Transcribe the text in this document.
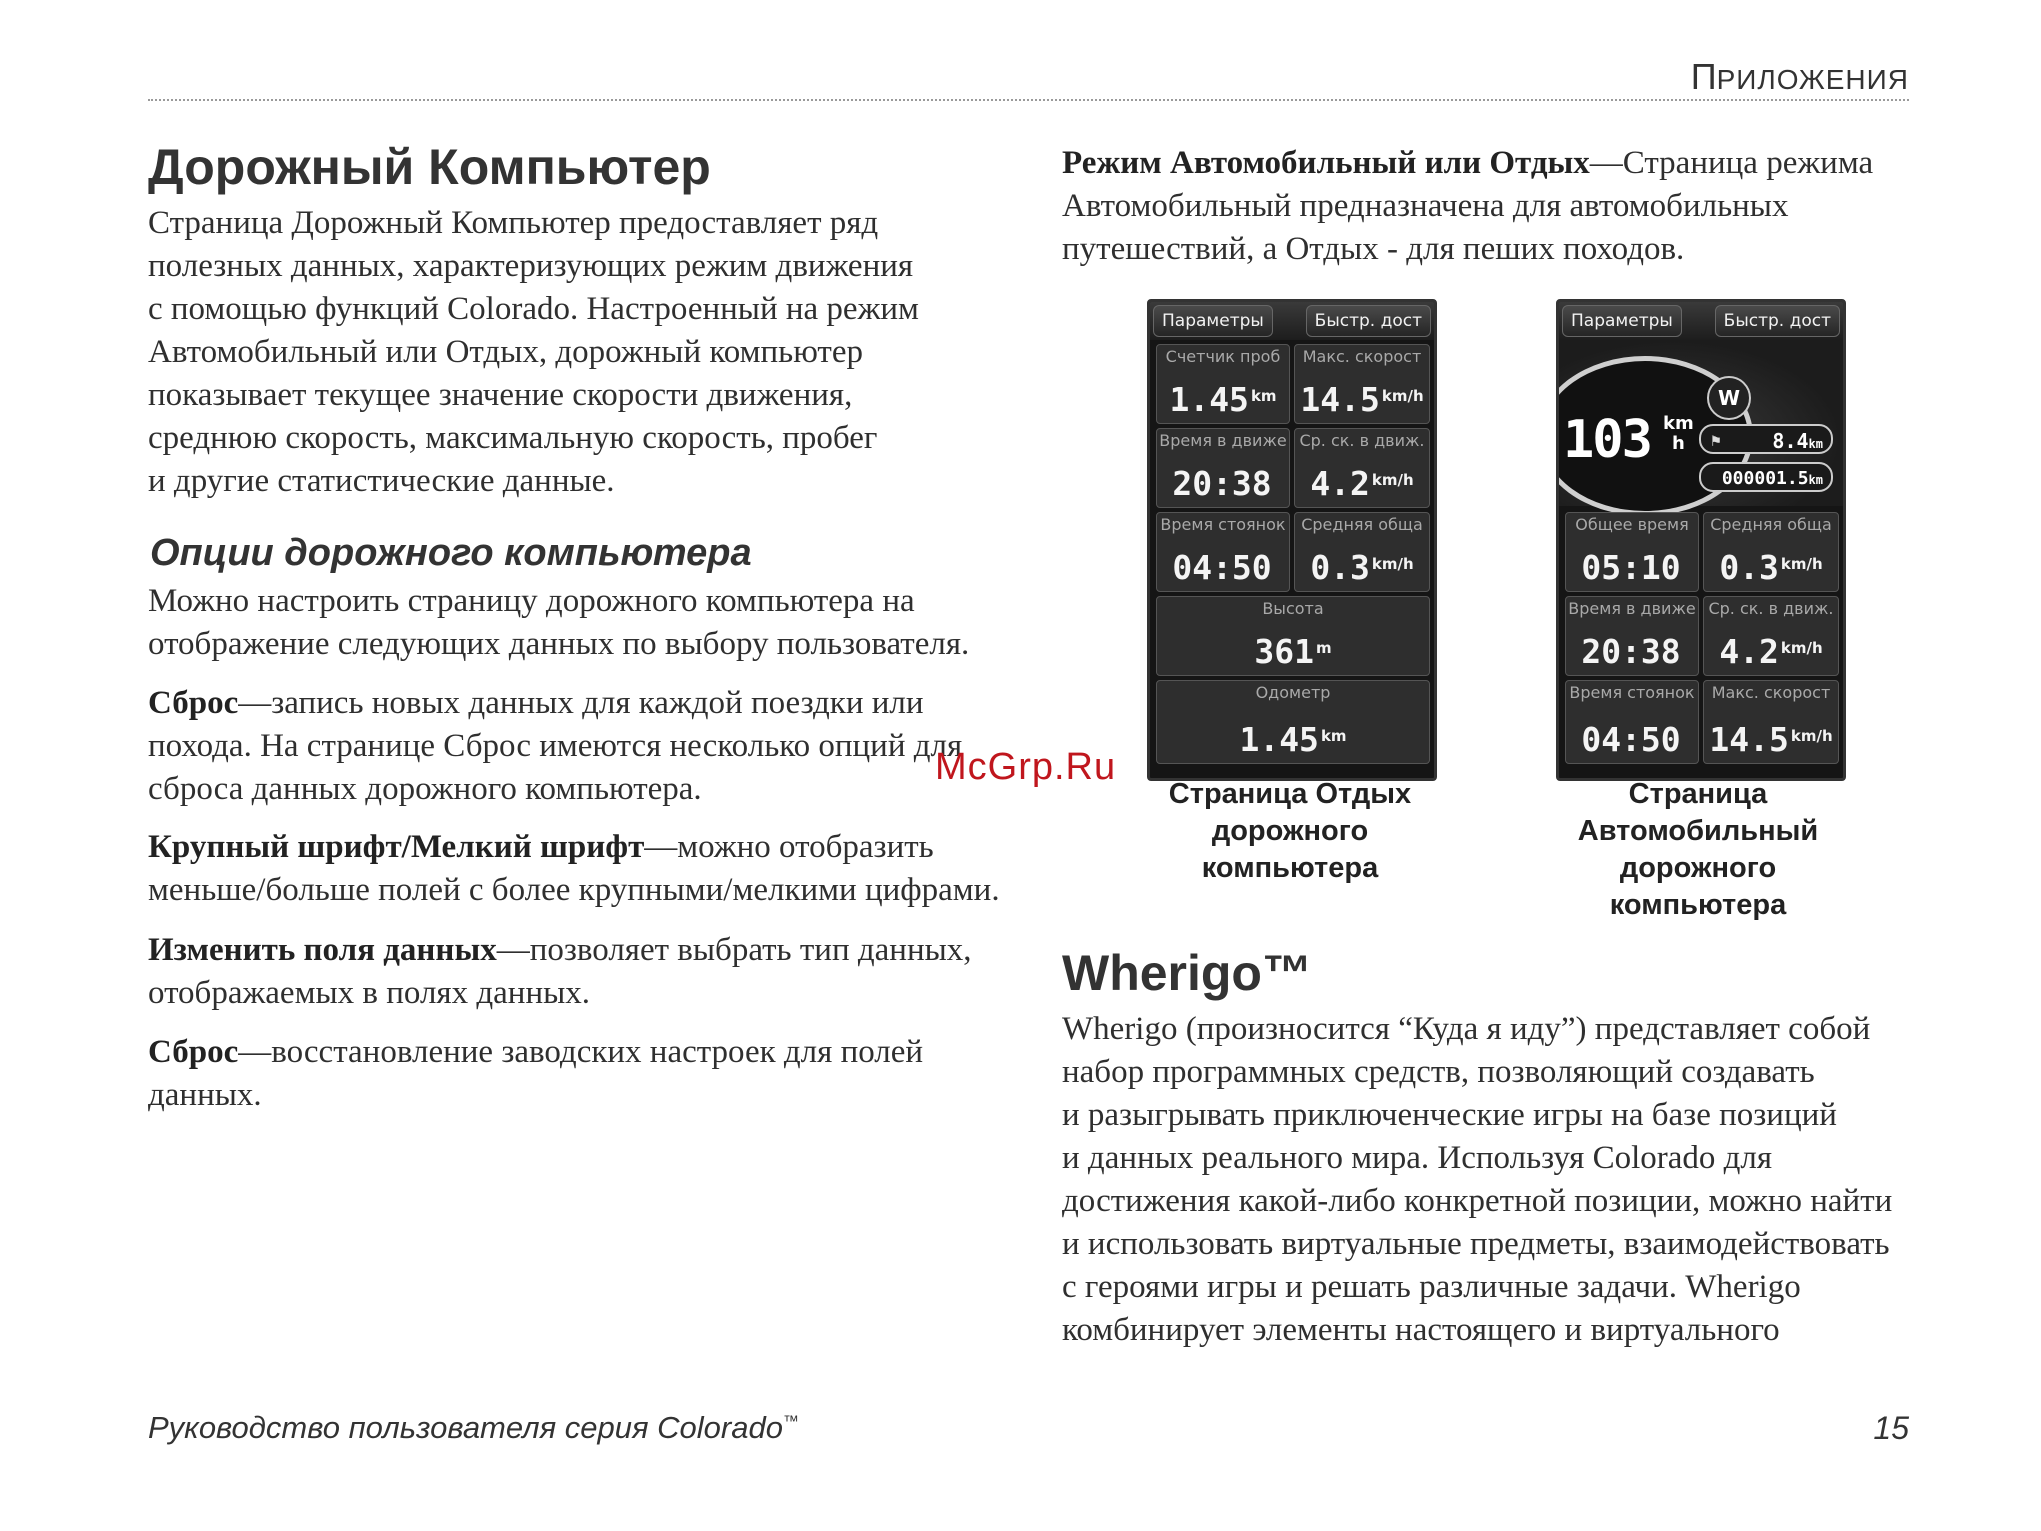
ПРИЛОЖЕНИЯ
Дорожный Компьютер
Страница Дорожный Компьютер предоставляет ряд
полезных данных, характеризующих режим движения
с помощью функций Colorado. Настроенный на режим
Автомобильный или Отдых, дорожный компьютер
показывает текущее значение скорости движения,
среднюю скорость, максимальную скорость, пробег
и другие статистические данные.
Опции дорожного компьютера
Можно настроить страницу дорожного компьютера на
отображение следующих данных по выбору пользователя.
Сброс—запись новых данных для каждой поездки или
похода. На странице Сброс имеются несколько опций для
сброса данных дорожного компьютера.
Крупный шрифт/Мелкий шрифт—можно отобразить
меньше/больше полей с более крупными/мелкими цифрами.
Изменить поля данных—позволяет выбрать тип данных,
отображаемых в полях данных.
Сброс—восстановление заводских настроек для полей
данных.
Режим Автомобильный или Отдых—Страница режима
Автомобильный предназначена для автомобильных
путешествий, а Отдых - для пеших походов.
Параметры	Быстр. дост
Счетчик проб
1.45 $^{km}$
Макс. скорост
14.5 $^{km/h}$
Время в движе
20:38
Ср. ск. в движ.
4.2 $^{km/h}$
Время стоянок
04:50
Средняя обща
0.3 $^{km/h}$
Высота
361 $^m$
Одометр
1.45 $^{km}$
Параметры	Быстр. дост
103 km
h
W
⚑	8.4km
000001.5km
Общее время
05:10
Средняя обща
0.3 $^{km/h}$
Время в движе
20:38
Ср. ск. в движ.
4.2 $^{km/h}$
Время стоянок
04:50
Макс. скорост
14.5 $^{km/h}$
Страница Отдых
дорожного
компьютера
Страница
Автомобильный
дорожного
компьютера
McGrp.Ru
Wherigo™
Wherigo (произносится “Куда я иду”) представляет собой
набор программных средств, позволяющий создавать
и разыгрывать приключенческие игры на базе позиций
и данных реального мира. Используя Colorado для
достижения какой-либо конкретной позиции, можно найти
и использовать виртуальные предметы, взаимодействовать
с героями игры и решать различные задачи. Wherigo
комбинирует элементы настоящего и виртуального
Руководство пользователя серия Colorado™	15
